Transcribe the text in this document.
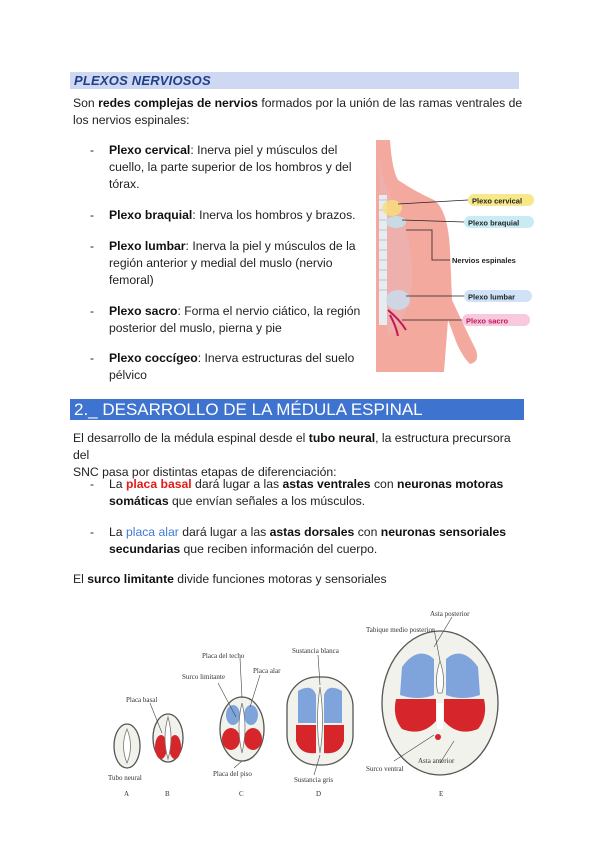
PLEXOS NERVIOSOS
Son redes complejas de nervios formados por la unión de las ramas ventrales de
los nervios espinales:
- Plexo cervical: Inerva piel y músculos del
cuello, la parte superior de los hombros y del
tórax.
- Plexo braquial: Inerva los hombros y brazos.
- Plexo lumbar: Inerva la piel y músculos de la
región anterior y medial del muslo (nervio
femoral)
- Plexo sacro: Forma el nervio ciático, la región
posterior del muslo, pierna y pie
- Plexo coccígeo: Inerva estructuras del suelo
pélvico
Plexo cervical
Plexo braquial
Nervios espinales
Plexo lumbar
Plexo sacro
2._ DESARROLLO DE LA MÉDULA ESPINAL
El desarrollo de la médula espinal desde el tubo neural, la estructura precursora del
SNC pasa por distintas etapas de diferenciación:
- La placa basal dará lugar a las astas ventrales con neuronas motoras
somáticas que envían señales a los músculos.
- La placa alar dará lugar a las astas dorsales con neuronas sensoriales
secundarias que reciben información del cuerpo.
El surco limitante divide funciones motoras y sensoriales
Tubo neural
A
Placa basal
B
Surco limitante
Placa del techo
Placa alar
Placa del piso
C
Sustancia blanca
Sustancia gris
D
Tabique medio posterior
Asta posterior
Asta anterior
Surco ventral
E
